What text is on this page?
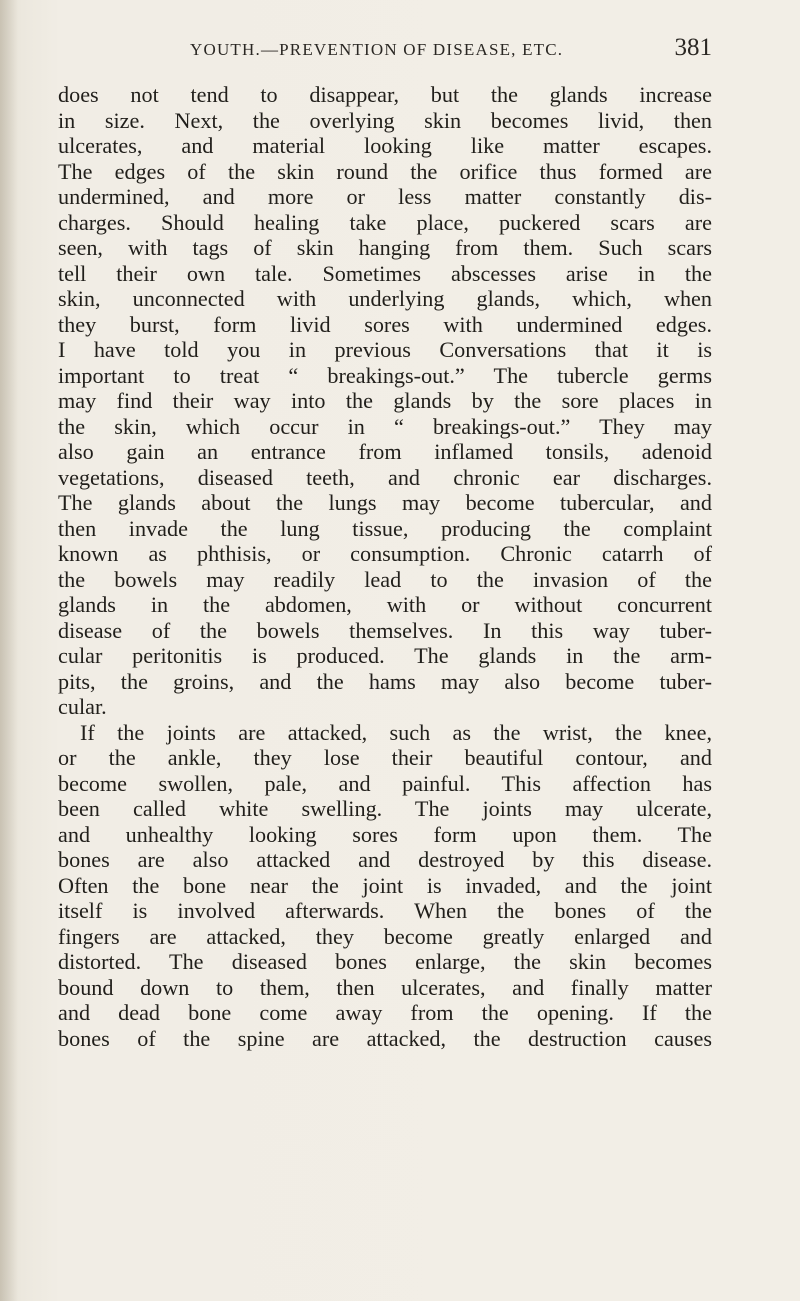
YOUTH.—PREVENTION OF DISEASE, ETC.	381
does not tend to disappear, but the glands increase
in size. Next, the overlying skin becomes livid, then
ulcerates, and material looking like matter escapes.
The edges of the skin round the orifice thus formed are
undermined, and more or less matter constantly dis-
charges. Should healing take place, puckered scars are
seen, with tags of skin hanging from them. Such scars
tell their own tale. Sometimes abscesses arise in the
skin, unconnected with underlying glands, which, when
they burst, form livid sores with undermined edges.
I have told you in previous Conversations that it is
important to treat “ breakings-out.” The tubercle germs
may find their way into the glands by the sore places in
the skin, which occur in “ breakings-out.” They may
also gain an entrance from inflamed tonsils, adenoid
vegetations, diseased teeth, and chronic ear discharges.
The glands about the lungs may become tubercular, and
then invade the lung tissue, producing the complaint
known as phthisis, or consumption. Chronic catarrh of
the bowels may readily lead to the invasion of the
glands in the abdomen, with or without concurrent
disease of the bowels themselves. In this way tuber-
cular peritonitis is produced. The glands in the arm-
pits, the groins, and the hams may also become tuber-
cular.
If the joints are attacked, such as the wrist, the knee,
or the ankle, they lose their beautiful contour, and
become swollen, pale, and painful. This affection has
been called white swelling. The joints may ulcerate,
and unhealthy looking sores form upon them. The
bones are also attacked and destroyed by this disease.
Often the bone near the joint is invaded, and the joint
itself is involved afterwards. When the bones of the
fingers are attacked, they become greatly enlarged and
distorted. The diseased bones enlarge, the skin becomes
bound down to them, then ulcerates, and finally matter
and dead bone come away from the opening. If the
bones of the spine are attacked, the destruction causes
